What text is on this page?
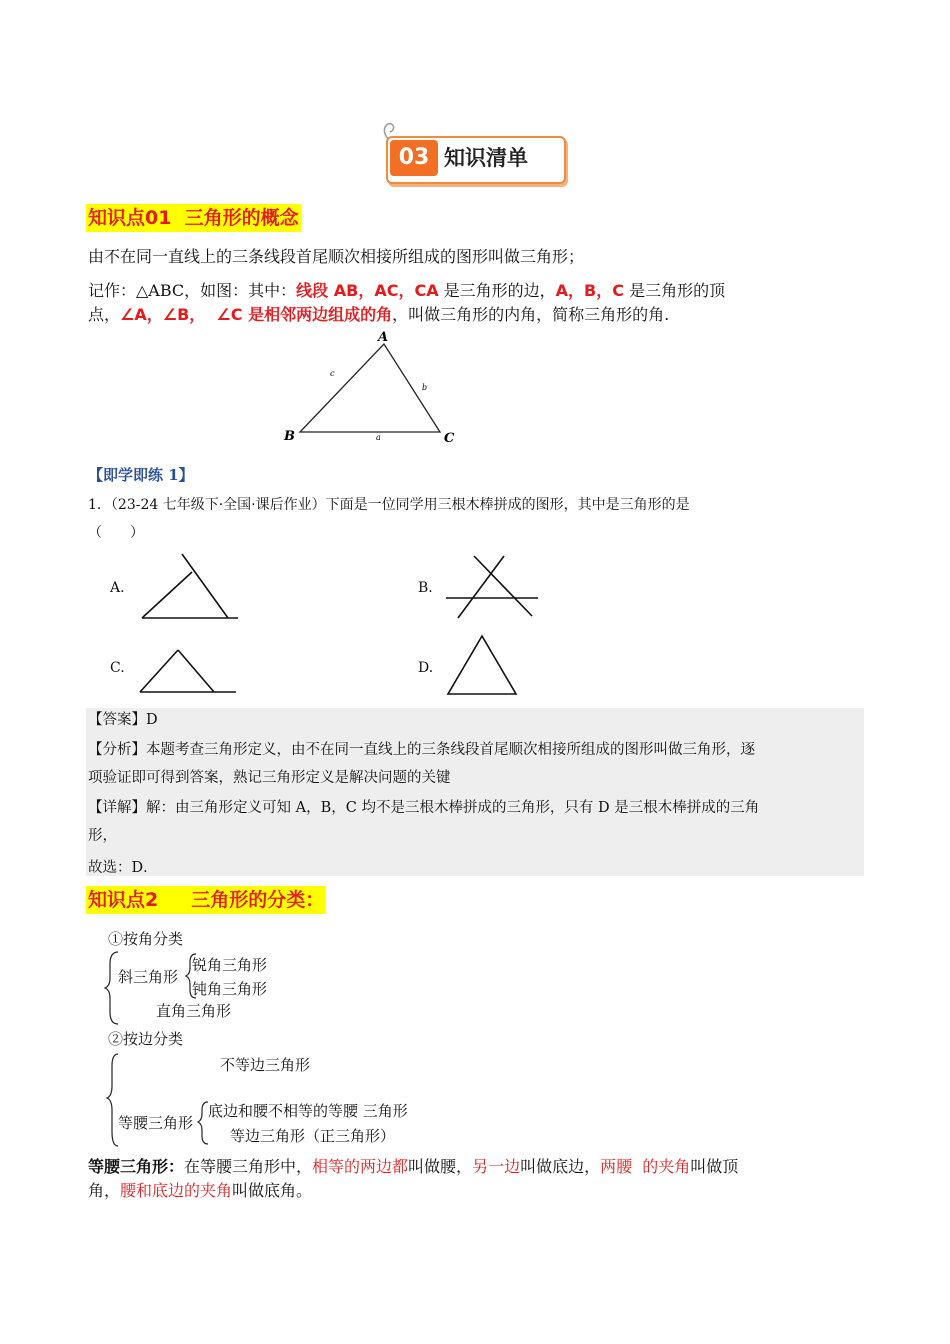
03 知识清单
知识点01  三角形的概念
由不在同一直线上的三条线段首尾顺次相接所组成的图形叫做三角形；
记作：△ABC，如图：其中：线段 AB，AC，CA 是三角形的边，A，B，C 是三角形的顶
点，∠A，∠B，  ∠C 是相邻两边组成的角，叫做三角形的内角，简称三角形的角.
A
B	C
a
b
c
【即学即练 1】
1．（23-24 七年级下·全国·课后作业）下面是一位同学用三根木棒拼成的图形，其中是三角形的是
（　　）
A.	B.
C.	D.
【答案】D
【分析】本题考查三角形定义，由不在同一直线上的三条线段首尾顺次相接所组成的图形叫做三角形，逐
项验证即可得到答案，熟记三角形定义是解决问题的关键
【详解】解：由三角形定义可知 A，B，C 均不是三根木棒拼成的三角形，只有 D 是三根木棒拼成的三角
形，
故选：D．
知识点2     三角形的分类：
①按角分类
斜三角形
锐角三角形
钝角三角形
直角三角形
②按边分类
不等边三角形
等腰三角形
底边和腰不相等的等腰 三角形
等边三角形（正三角形）
等腰三角形：在等腰三角形中，相等的两边都叫做腰，另一边叫做底边，两腰  的夹角叫做顶
角，腰和底边的夹角叫做底角。
